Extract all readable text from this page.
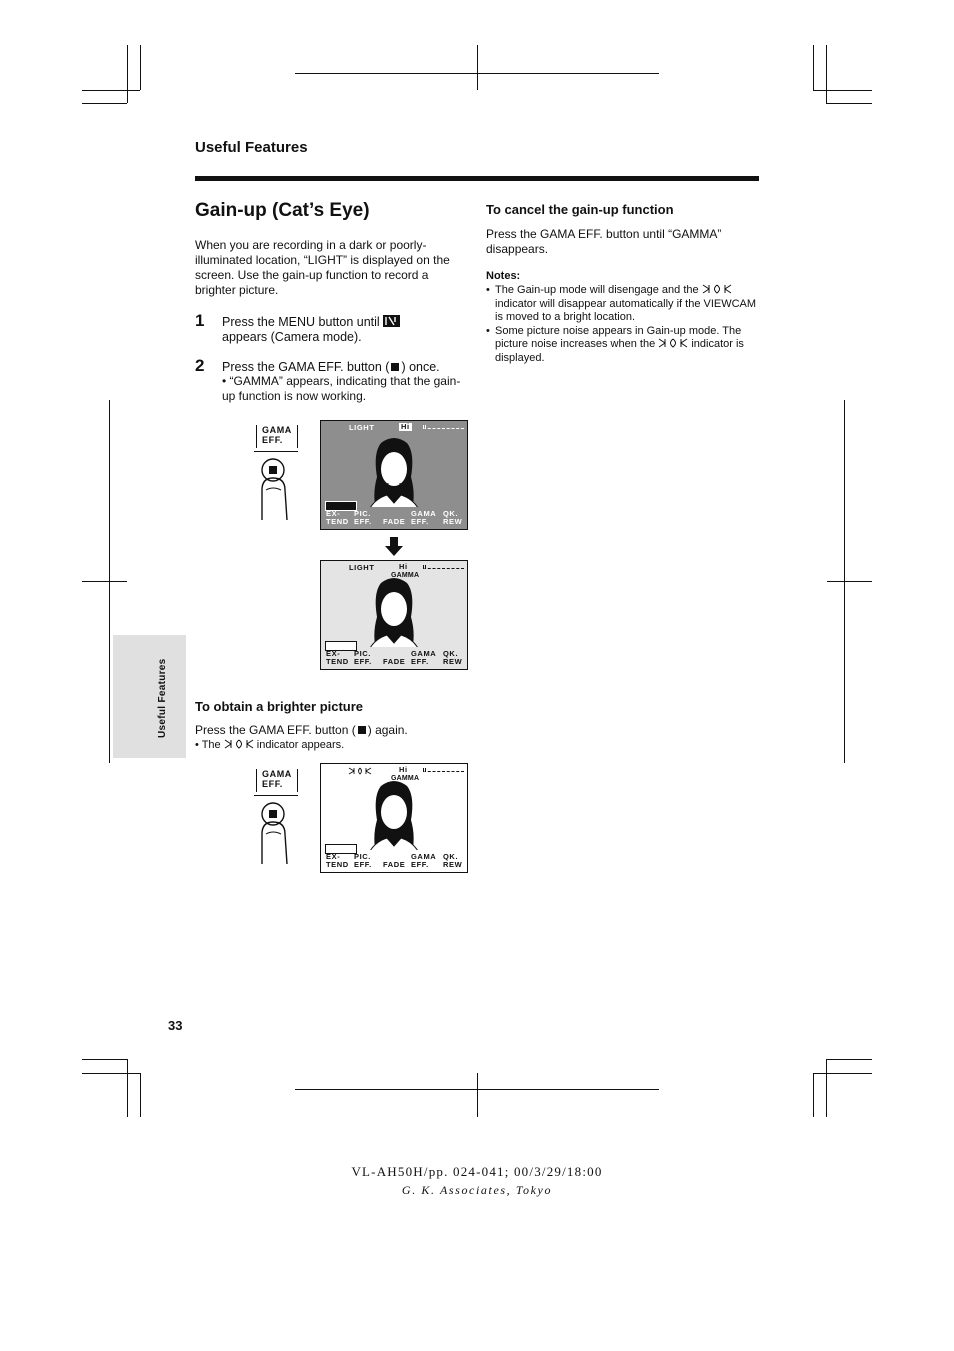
Useful Features
Gain-up (Cat’s Eye)
When you are recording in a dark or poorly-illuminated location, “LIGHT” is displayed on the screen. Use the gain-up function to record a brighter picture.
1 Press the MENU button until
appears (Camera mode).
2 Press the GAMA EFF. button ( ) once.
• “GAMMA” appears, indicating that the gain-up function is now working.
GAMA
EFF.
LIGHT	Hi
EX-
TEND
PIC.
EFF.
FADE
GAMA
EFF.
QK.
REW
LIGHT
GAMMA
Hi
EX-
TEND
PIC.
EFF.
FADE
GAMA
EFF.
QK.
REW
Useful Features To obtain a brighter picture
Press the GAMA EFF. button ( ) again.
• The	indicator appears.
GAMA
EFF.
GAMMA
Hi
EX-
TEND
PIC.
EFF.
FADE
GAMA
EFF.
QK.
REW
To cancel the gain-up function
Press the GAMA EFF. button until “GAMMA” disappears.
Notes:
• The Gain-up mode will disengage and the  indicator will disappear automatically if the VIEWCAM is moved to a bright location.
• Some picture noise appears in Gain-up mode. The picture noise increases when the	indicator is displayed.
33
VL-AH50H/pp. 024-041; 00/3/29/18:00
G. K. Associates, Tokyo
